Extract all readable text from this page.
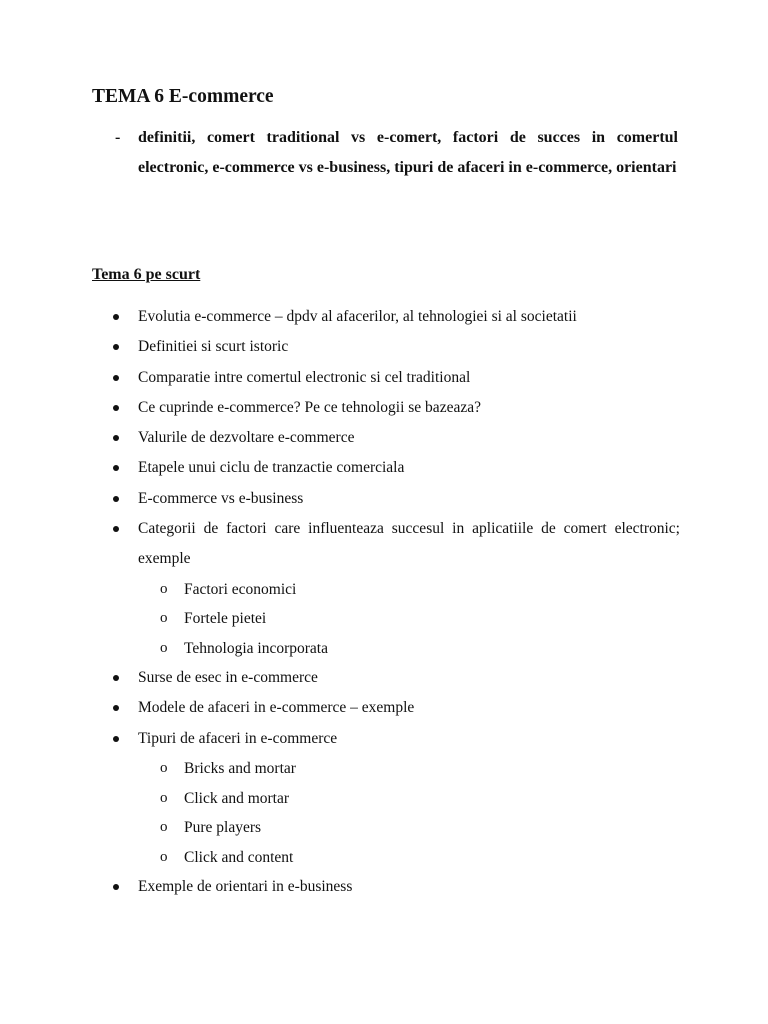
TEMA 6 E-commerce
- definitii, comert traditional vs e-comert, factori de succes in comertul electronic, e-commerce vs e-business, tipuri de afaceri in e-commerce, orientari
Tema 6 pe scurt
Evolutia e-commerce – dpdv al afacerilor, al tehnologiei si al societatii
Definitiei si scurt istoric
Comparatie intre comertul electronic si cel traditional
Ce cuprinde e-commerce? Pe ce tehnologii se bazeaza?
Valurile de dezvoltare e-commerce
Etapele unui ciclu de tranzactie comerciala
E-commerce vs e-business
Categorii de factori care influenteaza succesul in aplicatiile de comert electronic; exemple
o Factori economici
o Fortele pietei
o Tehnologia incorporata
Surse de esec in e-commerce
Modele de afaceri in e-commerce – exemple
Tipuri de afaceri in e-commerce
o Bricks and mortar
o Click and mortar
o Pure players
o Click and content
Exemple de orientari in e-business
